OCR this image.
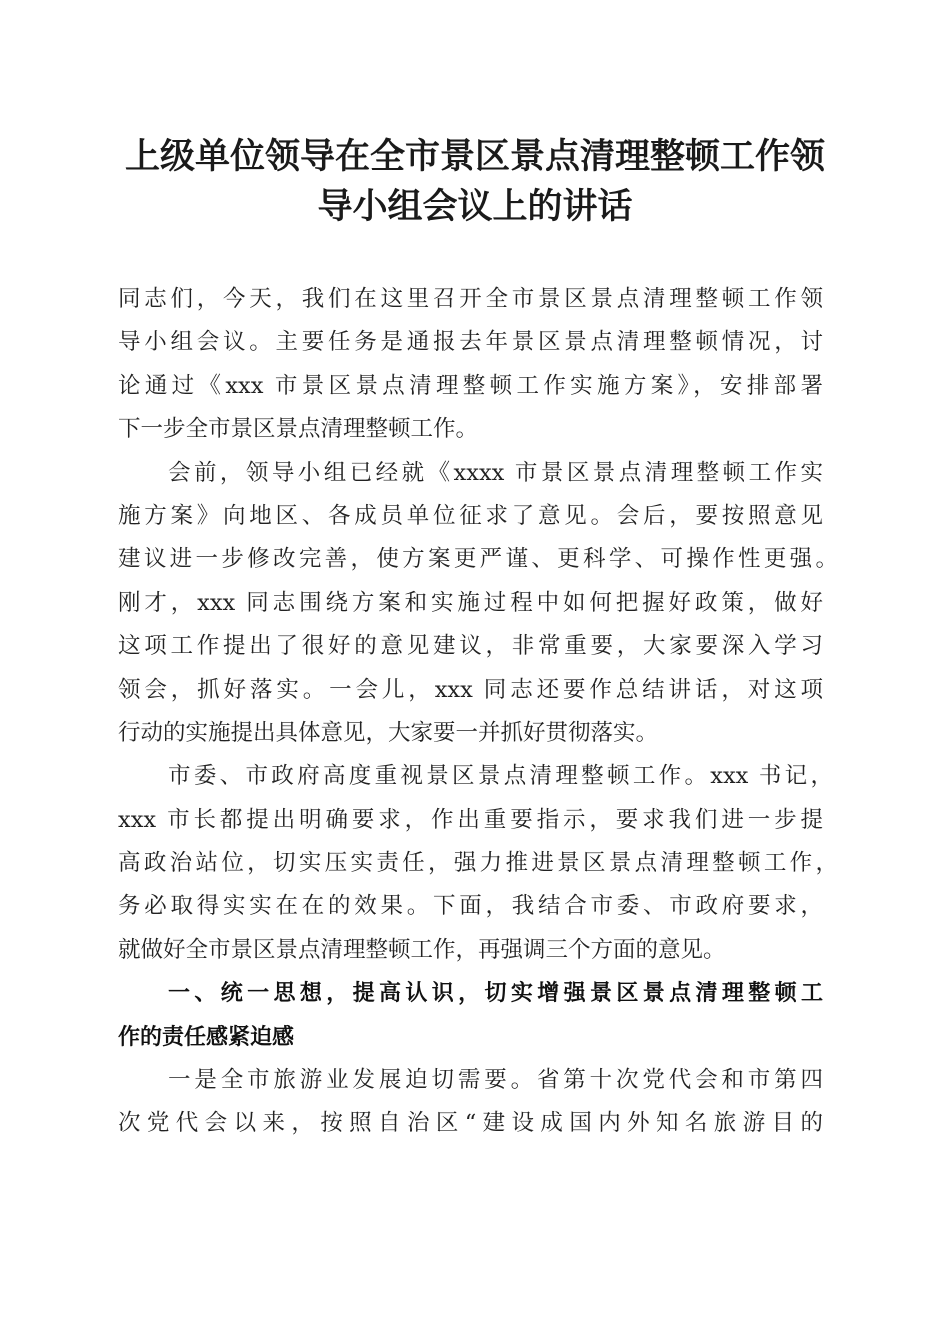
上级单位领导在全市景区景点清理整顿工作领
导小组会议上的讲话
同志们，今天，我们在这里召开全市景区景点清理整顿工作领
导小组会议。主要任务是通报去年景区景点清理整顿情况，讨
论通过《xxx 市景区景点清理整顿工作实施方案》，安排部署
下一步全市景区景点清理整顿工作。
会前，领导小组已经就《xxxx 市景区景点清理整顿工作实
施方案》向地区、各成员单位征求了意见。会后，要按照意见
建议进一步修改完善，使方案更严谨、更科学、可操作性更强。
刚才，xxx 同志围绕方案和实施过程中如何把握好政策，做好
这项工作提出了很好的意见建议，非常重要，大家要深入学习
领会，抓好落实。一会儿，xxx 同志还要作总结讲话，对这项
行动的实施提出具体意见，大家要一并抓好贯彻落实。
市委、市政府高度重视景区景点清理整顿工作。xxx 书记，
xxx 市长都提出明确要求，作出重要指示，要求我们进一步提
高政治站位，切实压实责任，强力推进景区景点清理整顿工作，
务必取得实实在在的效果。下面，我结合市委、市政府要求，
就做好全市景区景点清理整顿工作，再强调三个方面的意见。
一、统一思想，提高认识，切实增强景区景点清理整顿工
作的责任感紧迫感
一是全市旅游业发展迫切需要。省第十次党代会和市第四
次党代会以来，按照自治区“建设成国内外知名旅游目的
